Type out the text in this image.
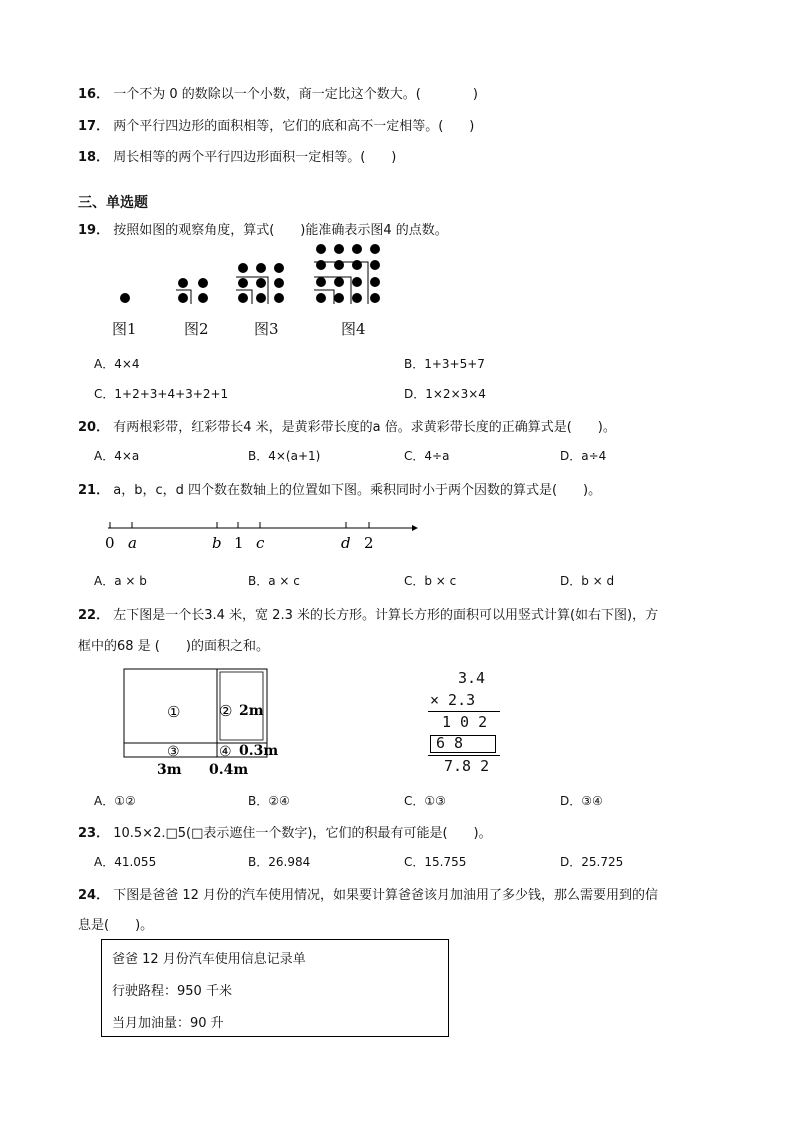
16． 一个不为 0 的数除以一个小数，商一定比这个数大。(　　　　)
17． 两个平行四边形的面积相等，它们的底和高不一定相等。(　　)
18． 周长相等的两个平行四边形面积一定相等。(　　)
三、单选题
19． 按照如图的观察角度，算式(　　)能准确表示图4 的点数。
图1	图2	图3	图4
A．4×4	B．1+3+5+7
C．1+2+3+4+3+2+1	D．1×2×3×4
20． 有两根彩带，红彩带长4 米，是黄彩带长度的a 倍。求黄彩带长度的正确算式是(　　)。
A．4×a	B．4×(a+1)	C．4÷a	D．a÷4
21． a，b，c，d 四个数在数轴上的位置如下图。乘积同时小于两个因数的算式是(　　)。
0 a	b 1 c	d 2
A．a × b	B．a × c	C．b × c	D．b × d
22． 左下图是一个长3.4 米，宽 2.3 米的长方形。计算长方形的面积可以用竖式计算(如右下图)，方
框中的68 是 (　　)的面积之和。
①	②
③	④
2m
0.3m
3m 0.4m
3.4
× 2.3
1 0 2
6 8
7.8 2
A．①②	B．②④	C．①③	D．③④
23． 10.5×2.□5(□表示遮住一个数字)，它们的积最有可能是(　　)。
A．41.055	B．26.984	C．15.755	D．25.725
24． 下图是爸爸 12 月份的汽车使用情况，如果要计算爸爸该月加油用了多少钱，那么需要用到的信
息是(　　)。
爸爸 12 月份汽车使用信息记录单
行驶路程：950 千米
当月加油量：90 升
